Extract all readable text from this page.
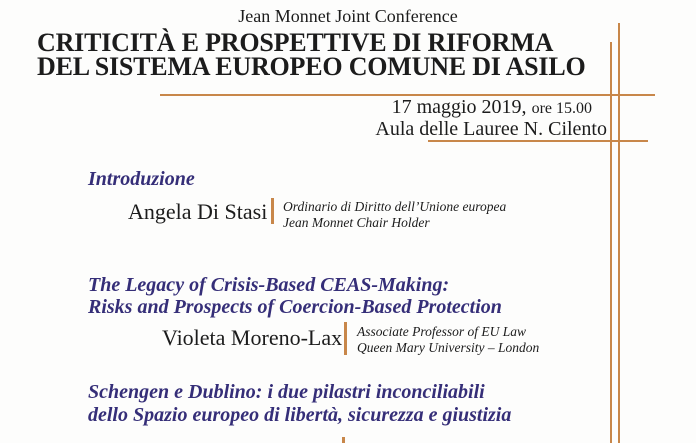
Jean Monnet Joint Conference
CRITICITÀ E PROSPETTIVE DI RIFORMA
DEL SISTEMA EUROPEO COMUNE DI ASILO
17 maggio 2019, ore 15.00
Aula delle Lauree N. Cilento
Introduzione
Angela Di Stasi Ordinario di Diritto dell’Unione europea
Jean Monnet Chair Holder
The Legacy of Crisis-Based CEAS-Making:
Risks and Prospects of Coercion-Based Protection
Violeta Moreno-Lax Associate Professor of EU Law
Queen Mary University – London
Schengen e Dublino: i due pilastri inconciliabili
dello Spazio europeo di libertà, sicurezza e giustizia
